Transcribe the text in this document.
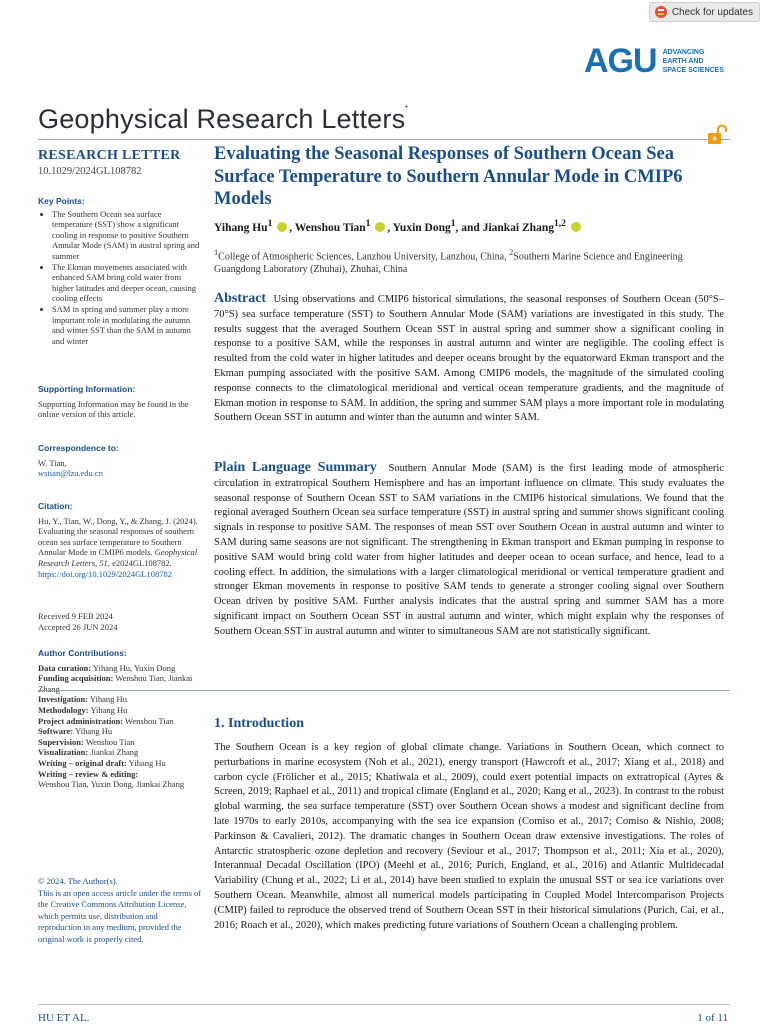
Check for updates
AGU ADVANCING
EARTH AND
SPACE SCIENCES
Geophysical Research Letters•
RESEARCH LETTER
10.1029/2024GL108782
Key Points:
• The Southern Ocean sea surface temperature (SST) show a significant cooling in response to positive Southern Annular Mode (SAM) in austral spring and summer
• The Ekman movements associated with enhanced SAM bring cold water from higher latitudes and deeper ocean, causing cooling effects
• SAM in spring and summer play a more important role in modulating the autumn and winter SST than the SAM in autumn and winter
Supporting Information:
Supporting Information may be found in the online version of this article.
Correspondence to:
W. Tian,
wstian@lzu.edu.cn
Citation:
Hu, Y., Tian, W., Dong, Y., & Zhang, J. (2024). Evaluating the seasonal responses of southern ocean sea surface temperature to Southern Annular Mode in CMIP6 models. Geophysical Research Letters, 51, e2024GL108782. https://doi.org/10.1029/2024GL108782
Received 9 FEB 2024
Accepted 26 JUN 2024
Author Contributions:
Data curation: Yihang Hu, Yuxin Dong
Funding acquisition: Wenshou Tian, Jiankai Zhang
Investigation: Yihang Hu
Methodology: Yihang Hu
Project administration: Wenshou Tian
Software: Yihang Hu
Supervision: Wenshou Tian
Visualization: Jiankai Zhang
Writing – original draft: Yihang Hu
Writing – review & editing:
Wenshou Tian, Yuxin Dong, Jiankai Zhang
© 2024. The Author(s).
This is an open access article under the terms of the Creative Commons Attribution License, which permits use, distribution and reproduction in any medium, provided the original work is properly cited.
Evaluating the Seasonal Responses of Southern Ocean Sea Surface Temperature to Southern Annular Mode in CMIP6 Models
Yihang Hu$^1$ , Wenshou Tian$^1$ , Yuxin Dong$^1$, and Jiankai Zhang$^{1,2}$
$^1$College of Atmospheric Sciences, Lanzhou University, Lanzhou, China, $^2$Southern Marine Science and Engineering Guangdong Laboratory (Zhuhai), Zhuhai, China
Abstract Using observations and CMIP6 historical simulations, the seasonal responses of Southern Ocean (50°S–70°S) sea surface temperature (SST) to Southern Annular Mode (SAM) variations are investigated in this study. The results suggest that the averaged Southern Ocean SST in austral spring and summer show a significant cooling in response to a positive SAM, while the responses in austral autumn and winter are negligible. The cooling effect is resulted from the cold water in higher latitudes and deeper oceans brought by the equatorward Ekman transport and the Ekman pumping associated with the positive SAM. Among CMIP6 models, the magnitude of the simulated cooling response connects to the climatological meridional and vertical ocean temperature gradients, and the magnitude of Ekman motion in response to SAM. In addition, the spring and summer SAM plays a more important role in modulating Southern Ocean SST in autumn and winter than the autumn and winter SAM.
Plain Language Summary Southern Annular Mode (SAM) is the first leading mode of atmospheric circulation in extratropical Southern Hemisphere and has an important influence on climate. This study evaluates the seasonal response of Southern Ocean SST to SAM variations in the CMIP6 historical simulations. We found that the regional averaged Southern Ocean sea surface temperature (SST) in austral spring and summer shows significant cooling signals in response to positive SAM. The responses of mean SST over Southern Ocean in austral autumn and winter to SAM during same seasons are not significant. The strengthening in Ekman transport and Ekman pumping in response to positive SAM would bring cold water from higher latitudes and deeper ocean to ocean surface, and hence, lead to a cooling effect. In addition, the simulations with a larger climatological meridional or vertical temperature gradient and stronger Ekman movements in response to positive SAM tends to generate a stronger cooling signal over Southern Ocean driven by positive SAM. Further analysis indicates that the austral spring and summer SAM has a more significant impact on Southern Ocean SST in austral autumn and winter, which might explain why the responses of Southern Ocean SST in austral autumn and winter to simultaneous SAM are not statistically significant.
1. Introduction
The Southern Ocean is a key region of global climate change. Variations in Southern Ocean, which connect to perturbations in marine ecosystem (Noh et al., 2021), energy transport (Hawcroft et al., 2017; Xiang et al., 2018) and carbon cycle (Frölicher et al., 2015; Khatiwala et al., 2009), could exert potential impacts on extratropical (Ayres & Screen, 2019; Raphael et al., 2011) and tropical climate (England et al., 2020; Kang et al., 2023). In contrast to the robust global warming, the sea surface temperature (SST) over Southern Ocean shows a modest and significant decline from late 1970s to early 2010s, accompanying with the sea ice expansion (Comiso et al., 2017; Comiso & Nishio, 2008; Parkinson & Cavalieri, 2012). The dramatic changes in Southern Ocean draw extensive investigations. The roles of Antarctic stratospheric ozone depletion and recovery (Seviour et al., 2017; Thompson et al., 2011; Xia et al., 2020), Interannual Decadal Oscillation (IPO) (Meehl et al., 2016; Purich, England, et al., 2016) and Atlantic Multidecadal Variability (Chung et al., 2022; Li et al., 2014) have been studied to explain the unusual SST or sea ice variations over Southern Ocean. Meanwhile, almost all numerical models participating in Coupled Model Intercomparison Projects (CMIP) failed to reproduce the observed trend of Southern Ocean SST in their historical simulations (Purich, Cai, et al., 2016; Roach et al., 2020), which makes predicting future variations of Southern Ocean a challenging problem.
HU ET AL.	1 of 11
